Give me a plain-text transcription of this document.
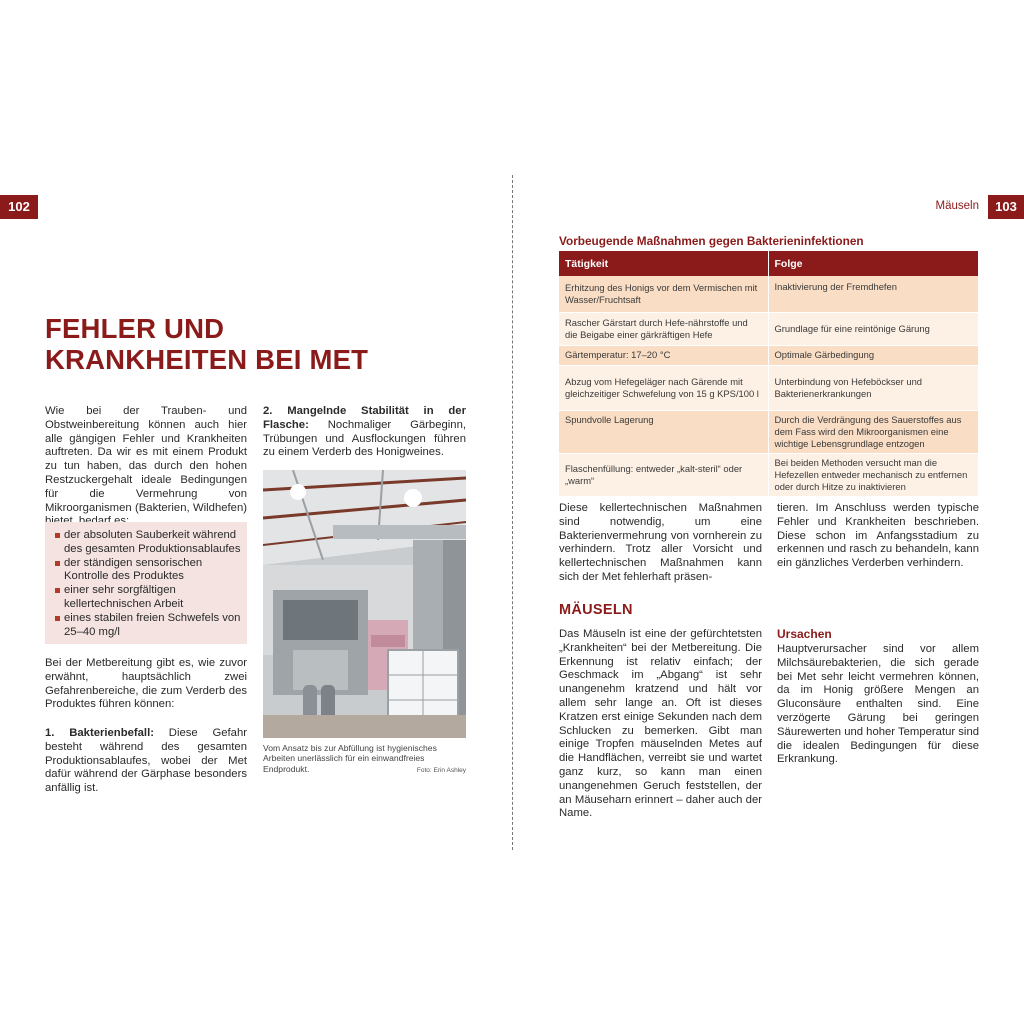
102
FEHLER UND
KRANKHEITEN BEI MET

Wie bei der Trauben- und Obstweinbereitung können auch hier alle gängigen Fehler und Krankheiten auftreten. Da wir es mit einem Produkt zu tun haben, das durch den hohen Restzuckergehalt ideale Bedingungen für die Vermehrung von Mikroorganismen (Bakterien, Wildhefen)

der absoluten Sauberkeit während des gesamten Produktionsablaufes
der ständigen sensorischen Kontrolle des Produktes
einer sehr sorgfältigen kellertechnischen Arbeit
eines stabilen freien Schwefels von 25–40 mg/l

Bei der Metbereitung gibt es, wie zuvor erwähnt, hauptsächlich zwei Gefahrenbereiche, die zum Verderb des Produktes führen können:

1. Bakterienbefall: Diese Gefahr besteht während des gesamten Produktionsablaufes, wobei der Met dafür während der Gärphase besonders anfällig ist.

2. Mangelnde Stabilität in der Flasche: Nochmaliger Gärbeginn, Trübungen und Ausflockungen führen zu einem Verderb des Honigweines.

Vom Ansatz bis zur Abfüllung ist hygienisches Arbeiten unerlässlich für ein einwandfreies Endprodukt.	Foto: Erin Ashley
Mäuseln	103
Vorbeugende Maßnahmen gegen Bakterieninfektionen
Tätigkeit	Folge
Erhitzung des Honigs vor dem Vermischen mit Wasser/Fruchtsaft	Inaktivierung der Fremdhefen
Rascher Gärstart durch Hefe-nährstoffe und die Beigabe einer gärkräftigen Hefe	Grundlage für eine reintönige Gärung
Gärtemperatur: 17–20 °C	Optimale Gärbedingung
Abzug vom Hefegeläger nach Gärende mit gleichzeitiger Schwefelung von 15 g KPS/100 l	Unterbindung von Hefeböckser und Bakterienerkrankungen
Spundvolle Lagerung	Durch die Verdrängung des Sauerstoffes aus dem Fass wird den Mikroorganismen eine wichtige Lebensgrundlage entzogen
Flaschenfüllung: entweder „kalt-steril“ oder „warm“	Bei beiden Methoden versucht man die Hefezellen entweder mechanisch zu entfernen oder durch Hitze zu inaktivieren

Diese kellertechnischen Maßnahmen sind notwendig, um eine Bakterienvermehrung von vornherein zu verhindern. Trotz aller Vorsicht und kellertechnischen Maßnahmen kann sich der Met fehlerhaft präsen-

tieren. Im Anschluss werden typische Fehler und Krankheiten beschrieben. Diese schon im Anfangsstadium zu erkennen und rasch zu behandeln, kann ein gänzliches Verderben verhindern.

MÄUSELN

Das Mäuseln ist eine der gefürchtetsten „Krankheiten“ bei der Metbereitung. Die Erkennung ist relativ einfach; der Geschmack im „Abgang“ ist sehr unangenehm kratzend und hält vor allem sehr lange an. Oft ist dieses Kratzen erst einige Sekunden nach dem Schlucken zu bemerken. Gibt man einige Tropfen mäuselnden Metes auf die Handflächen, verreibt sie und wartet ganz kurz, so kann man einen unangenehmen Geruch feststellen, der an Mäuseharn erinnert – daher auch der Name.

Ursachen

Hauptverursacher sind vor allem Milchsäurebakterien, die sich gerade bei Met sehr leicht vermehren können, da im Honig größere Mengen an Gluconsäure enthalten sind. Eine verzögerte Gärung bei geringen Säurewerten und hoher Temperatur sind die idealen Bedingungen für diese Erkrankung.
